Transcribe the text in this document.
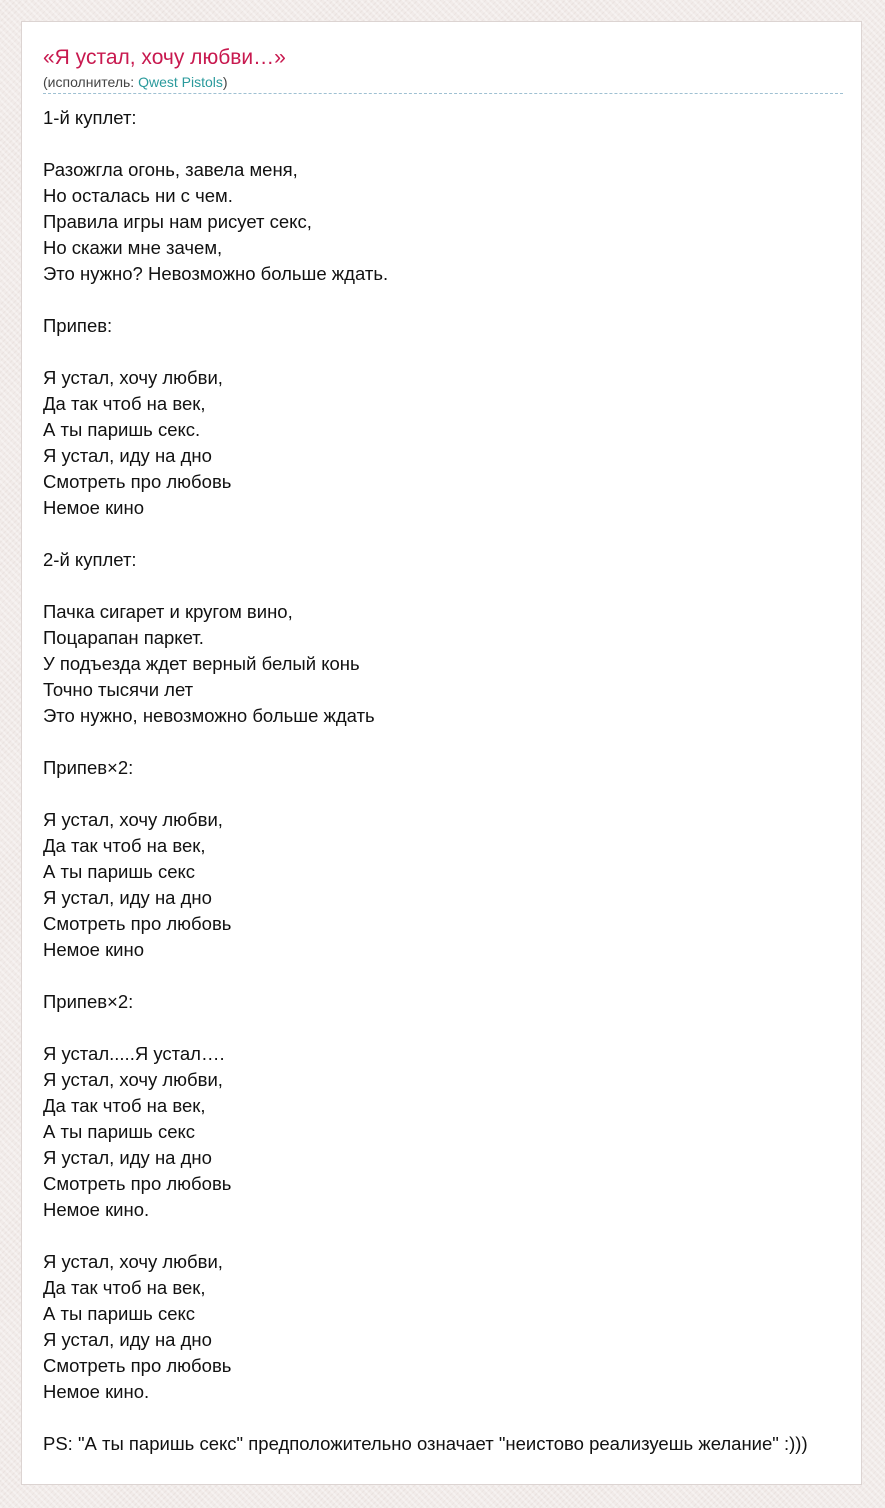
«Я устал, хочу любви…»
(исполнитель: Qwest Pistols)
1-й куплет:
Разожгла огонь, завела меня,
Но осталась ни с чем.
Правила игры нам рисует секс,
Но скажи мне зачем,
Это нужно? Невозможно больше ждать.
Припев:
Я устал, хочу любви,
Да так чтоб на век,
А ты паришь секс.
Я устал, иду на дно
Смотреть про любовь
Немое кино
2-й куплет:
Пачка сигарет и кругом вино,
Поцарапан паркет.
У подъезда ждет верный белый конь
Точно тысячи лет
Это нужно, невозможно больше ждать
Припев×2:
Я устал, хочу любви,
Да так чтоб на век,
А ты паришь секс
Я устал, иду на дно
Смотреть про любовь
Немое кино
Припев×2:
Я устал.....Я устал….
Я устал, хочу любви,
Да так чтоб на век,
А ты паришь секс
Я устал, иду на дно
Смотреть про любовь
Немое кино.
Я устал, хочу любви,
Да так чтоб на век,
А ты паришь секс
Я устал, иду на дно
Смотреть про любовь
Немое кино.
PS: "А ты паришь секс" предположительно означает "неистово реализуешь желание" :)))
